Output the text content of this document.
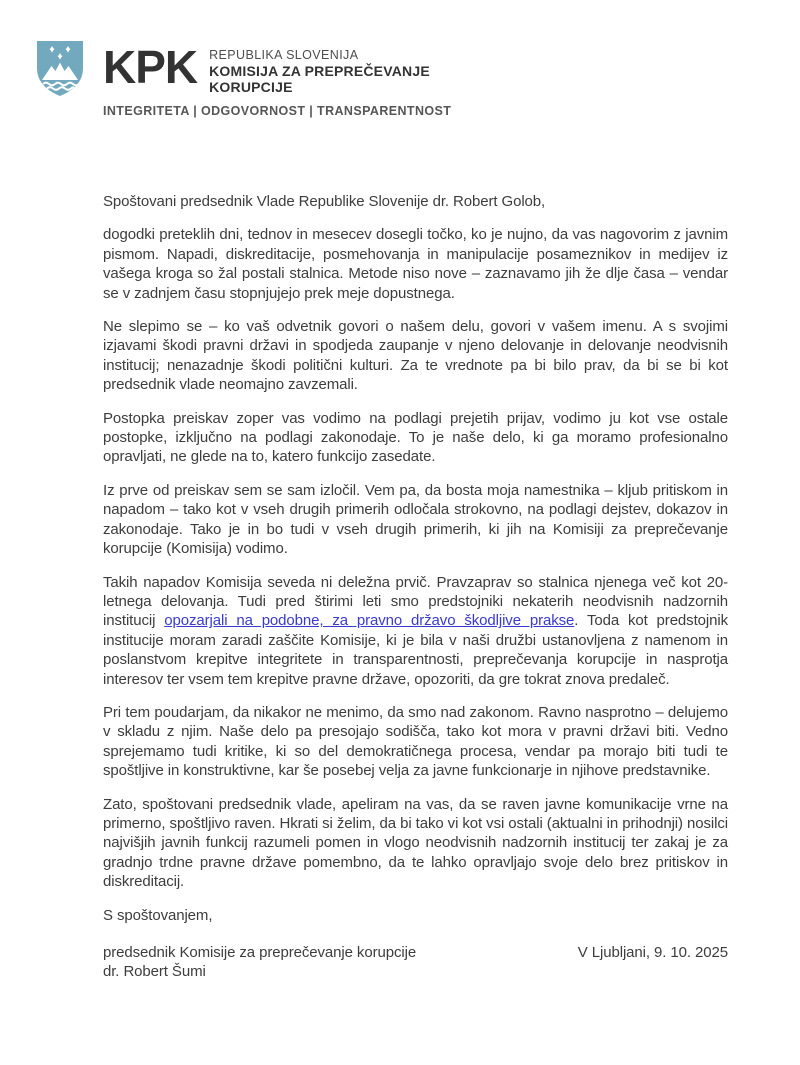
KPK REPUBLIKA SLOVENIJA
KOMISIJA ZA PREPREČEVANJE
KORUPCIJE
INTEGRITETA | ODGOVORNOST | TRANSPARENTNOST

Spoštovani predsednik Vlade Republike Slovenije dr. Robert Golob,

dogodki preteklih dni, tednov in mesecev dosegli točko, ko je nujno, da vas nagovorim z javnim pismom. Napadi, diskreditacije, posmehovanja in manipulacije posameznikov in medijev iz vašega kroga so žal postali stalnica. Metode niso nove – zaznavamo jih že dlje časa – vendar se v zadnjem času stopnjujejo prek meje dopustnega.

Ne slepimo se – ko vaš odvetnik govori o našem delu, govori v vašem imenu. A s svojimi izjavami škodi pravni državi in spodjeda zaupanje v njeno delovanje in delovanje neodvisnih institucij; nenazadnje škodi politični kulturi. Za te vrednote pa bi bilo prav, da bi se bi kot predsednik vlade neomajno zavzemali.

Postopka preiskav zoper vas vodimo na podlagi prejetih prijav, vodimo ju kot vse ostale postopke, izključno na podlagi zakonodaje. To je naše delo, ki ga moramo profesionalno opravljati, ne glede na to, katero funkcijo zasedate.

Iz prve od preiskav sem se sam izločil. Vem pa, da bosta moja namestnika – kljub pritiskom in napadom – tako kot v vseh drugih primerih odločala strokovno, na podlagi dejstev, dokazov in zakonodaje. Tako je in bo tudi v vseh drugih primerih, ki jih na Komisiji za preprečevanje korupcije (Komisija) vodimo.

Takih napadov Komisija seveda ni deležna prvič. Pravzaprav so stalnica njenega več kot 20-letnega delovanja. Tudi pred štirimi leti smo predstojniki nekaterih neodvisnih nadzornih institucij opozarjali na podobne, za pravno državo škodljive prakse. Toda kot predstojnik institucije moram zaradi zaščite Komisije, ki je bila v naši družbi ustanovljena z namenom in poslanstvom krepitve integritete in transparentnosti, preprečevanja korupcije in nasprotja interesov ter vsem tem krepitve pravne države, opozoriti, da gre tokrat znova predaleč.

Pri tem poudarjam, da nikakor ne menimo, da smo nad zakonom. Ravno nasprotno – delujemo v skladu z njim. Naše delo pa presojajo sodišča, tako kot mora v pravni državi biti. Vedno sprejemamo tudi kritike, ki so del demokratičnega procesa, vendar pa morajo biti tudi te spoštljive in konstruktivne, kar še posebej velja za javne funkcionarje in njihove predstavnike.

Zato, spoštovani predsednik vlade, apeliram na vas, da se raven javne komunikacije vrne na primerno, spoštljivo raven. Hkrati si želim, da bi tako vi kot vsi ostali (aktualni in prihodnji) nosilci najvišjih javnih funkcij razumeli pomen in vlogo neodvisnih nadzornih institucij ter zakaj je za gradnjo trdne pravne države pomembno, da te lahko opravljajo svoje delo brez pritiskov in diskreditacij.

S spoštovanjem,

predsednik Komisije za preprečevanje korupcije
dr. Robert Šumi
V Ljubljani, 9. 10. 2025
